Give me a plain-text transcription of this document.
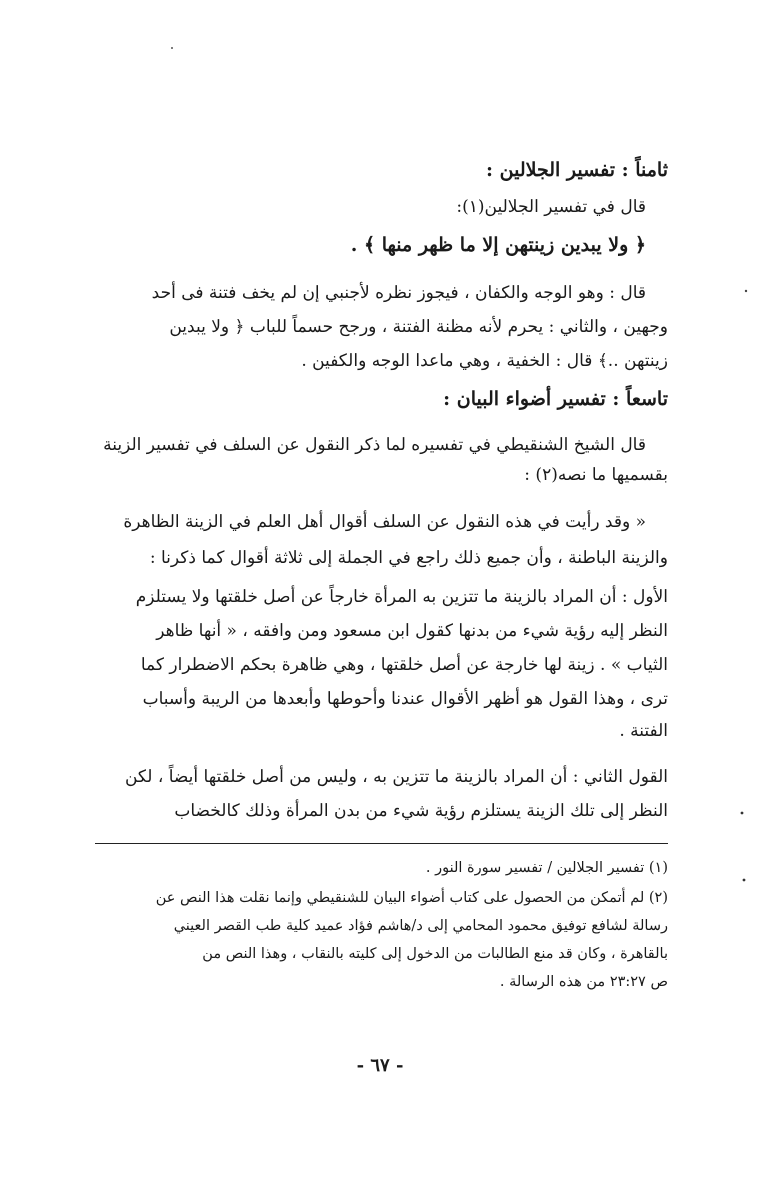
ثامناً : تفسير الجلالين :
قال في تفسير الجلالين(١):
﴿ ولا يبدين زينتهن إلا ما ظهر منها ﴾ .
قال : وهو الوجه والكفان ، فيجوز نظره لأجنبي إن لم يخف فتنة فى أحد
وجهين ، والثاني : يحرم لأنه مظنة الفتنة ، ورجح حسماً للباب ﴿ ولا يبدين
زينتهن ..﴾ قال : الخفية ، وهي ماعدا الوجه والكفين .
تاسعاً : تفسير أضواء البيان :
قال الشيخ الشنقيطي في تفسيره لما ذكر النقول عن السلف في تفسير الزينة
بقسميها ما نصه(٢) :
« وقد رأيت في هذه النقول عن السلف أقوال أهل العلم في الزينة الظاهرة
والزينة الباطنة ، وأن جميع ذلك راجع في الجملة إلى ثلاثة أقوال كما ذكرنا :
الأول : أن المراد بالزينة ما تتزين به المرأة خارجاً عن أصل خلقتها ولا يستلزم
النظر إليه رؤية شيء من بدنها كقول ابن مسعود ومن وافقه ، « أنها ظاهر
الثياب » . زينة لها خارجة عن أصل خلقتها ، وهي ظاهرة بحكم الاضطرار كما
ترى ، وهذا القول هو أظهر الأقوال عندنا وأحوطها وأبعدها من الريبة وأسباب
الفتنة .
القول الثاني : أن المراد بالزينة ما تتزين به ، وليس من أصل خلقتها أيضاً ، لكن
النظر إلى تلك الزينة يستلزم رؤية شيء من بدن المرأة وذلك كالخضاب
(١) تفسير الجلالين / تفسير سورة النور .
(٢) لم أتمكن من الحصول على كتاب أضواء البيان للشنقيطي وإنما نقلت هذا النص عن
رسالة لشافع توفيق محمود المحامي إلى د/هاشم فؤاد عميد كلية طب القصر العيني
بالقاهرة ، وكان قد منع الطالبات من الدخول إلى كليته بالنقاب ، وهذا النص من
ص ٢٣:٢٧ من هذه الرسالة .
- ٦٧ -
